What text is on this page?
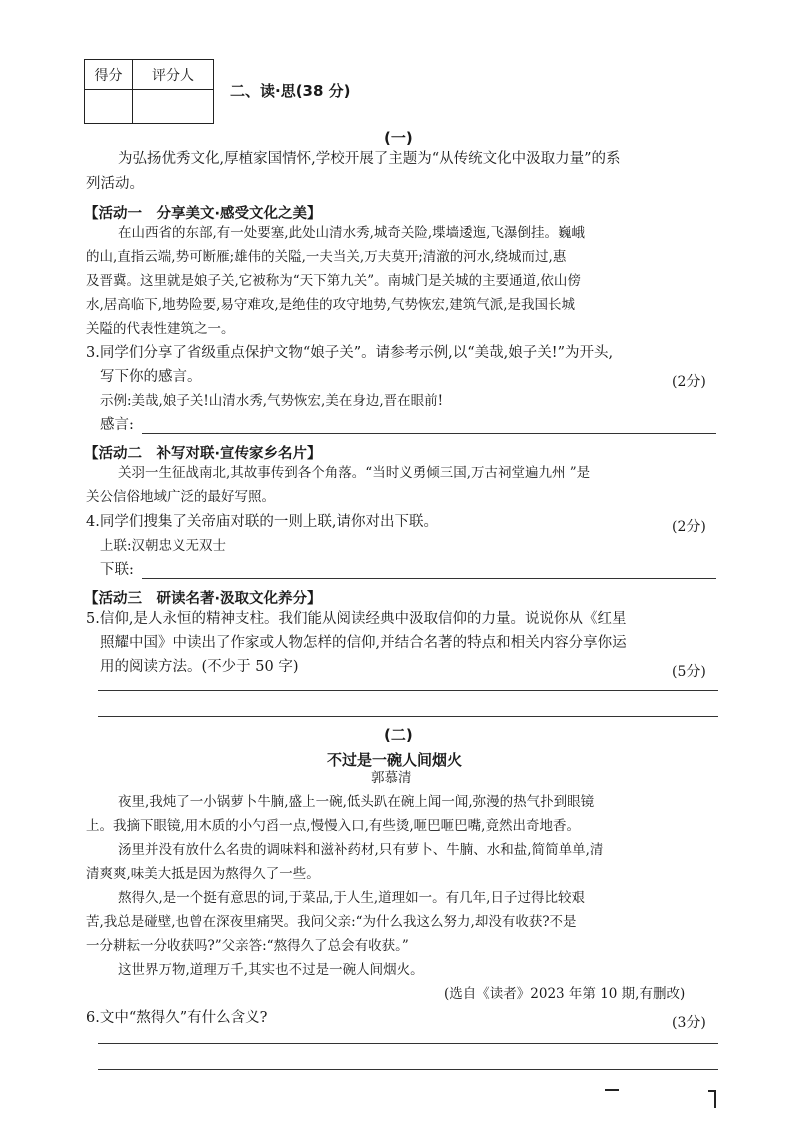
得分	评分人
二、读·思(38 分)
(一)
为弘扬优秀文化,厚植家国情怀,学校开展了主题为“从传统文化中汲取力量”的系
列活动。
【活动一　分享美文·感受文化之美】
在山西省的东部,有一处要塞,此处山清水秀,城奇关险,堞墙逶迤,飞瀑倒挂。巍峨
的山,直指云端,势可断雁;雄伟的关隘,一夫当关,万夫莫开;清澈的河水,绕城而过,惠
及晋冀。这里就是娘子关,它被称为“天下第九关”。南城门是关城的主要通道,依山傍
水,居高临下,地势险要,易守难攻,是绝佳的攻守地势,气势恢宏,建筑气派,是我国长城
关隘的代表性建筑之一。
3.同学们分享了省级重点保护文物“娘子关”。请参考示例,以“美哉,娘子关!”为开头,
写下你的感言。	(2分)
示例:美哉,娘子关!山清水秀,气势恢宏,美在身边,晋在眼前!
感言:
【活动二　补写对联·宣传家乡名片】
关羽一生征战南北,其故事传到各个角落。“当时义勇倾三国,万古祠堂遍九州 ”是
关公信俗地域广泛的最好写照。
4.同学们搜集了关帝庙对联的一则上联,请你对出下联。	(2分)
上联:汉朝忠义无双士
下联:
【活动三　研读名著·汲取文化养分】
5.信仰,是人永恒的精神支柱。我们能从阅读经典中汲取信仰的力量。说说你从《红星
照耀中国》中读出了作家或人物怎样的信仰,并结合名著的特点和相关内容分享你运
用的阅读方法。(不少于 50 字)	(5分)
(二)
不过是一碗人间烟火
郭慕清
夜里,我炖了一小锅萝卜牛腩,盛上一碗,低头趴在碗上闻一闻,弥漫的热气扑到眼镜
上。我摘下眼镜,用木质的小勺舀一点,慢慢入口,有些烫,咂巴咂巴嘴,竟然出奇地香。
汤里并没有放什么名贵的调味料和滋补药材,只有萝卜、牛腩、水和盐,简简单单,清
清爽爽,味美大抵是因为熬得久了一些。
熬得久,是一个挺有意思的词,于菜品,于人生,道理如一。有几年,日子过得比较艰
苦,我总是碰壁,也曾在深夜里痛哭。我问父亲:“为什么我这么努力,却没有收获?不是
一分耕耘一分收获吗?”父亲答:“熬得久了总会有收获。”
这世界万物,道理万千,其实也不过是一碗人间烟火。
(选自《读者》2023 年第 10 期,有删改)
6.文中“熬得久”有什么含义?	(3分)
